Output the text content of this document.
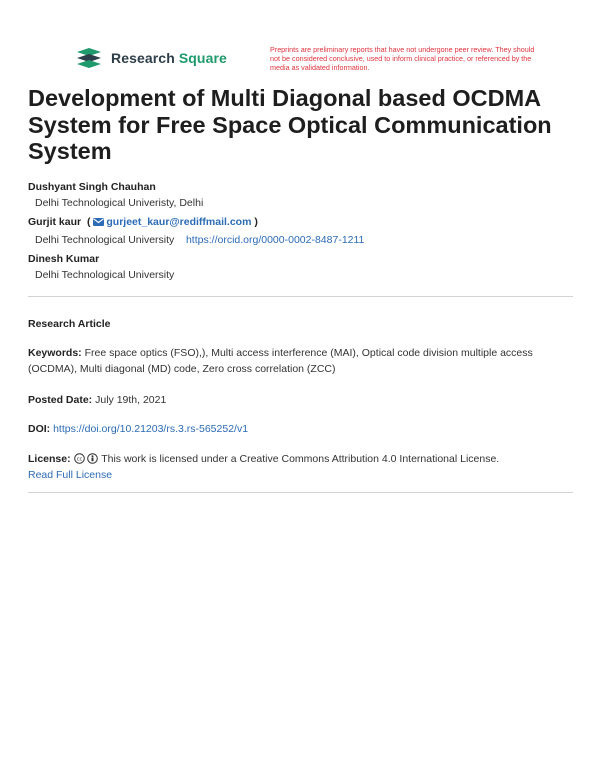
Research Square
Preprints are preliminary reports that have not undergone peer review. They should not be considered conclusive, used to inform clinical practice, or referenced by the media as validated information.
Development of Multi Diagonal based OCDMA System for Free Space Optical Communication System
Dushyant Singh Chauhan
Delhi Technological Univeristy, Delhi
Gurjit kaur ( gurjeet_kaur@rediffmail.com )
Delhi Technological University https://orcid.org/0000-0002-8487-1211
Dinesh Kumar
Delhi Technological University
Research Article
Keywords: Free space optics (FSO),), Multi access interference (MAI), Optical code division multiple access (OCDMA), Multi diagonal (MD) code, Zero cross correlation (ZCC)
Posted Date: July 19th, 2021
DOI: https://doi.org/10.21203/rs.3.rs-565252/v1
License: cc This work is licensed under a Creative Commons Attribution 4.0 International License.
Read Full License
